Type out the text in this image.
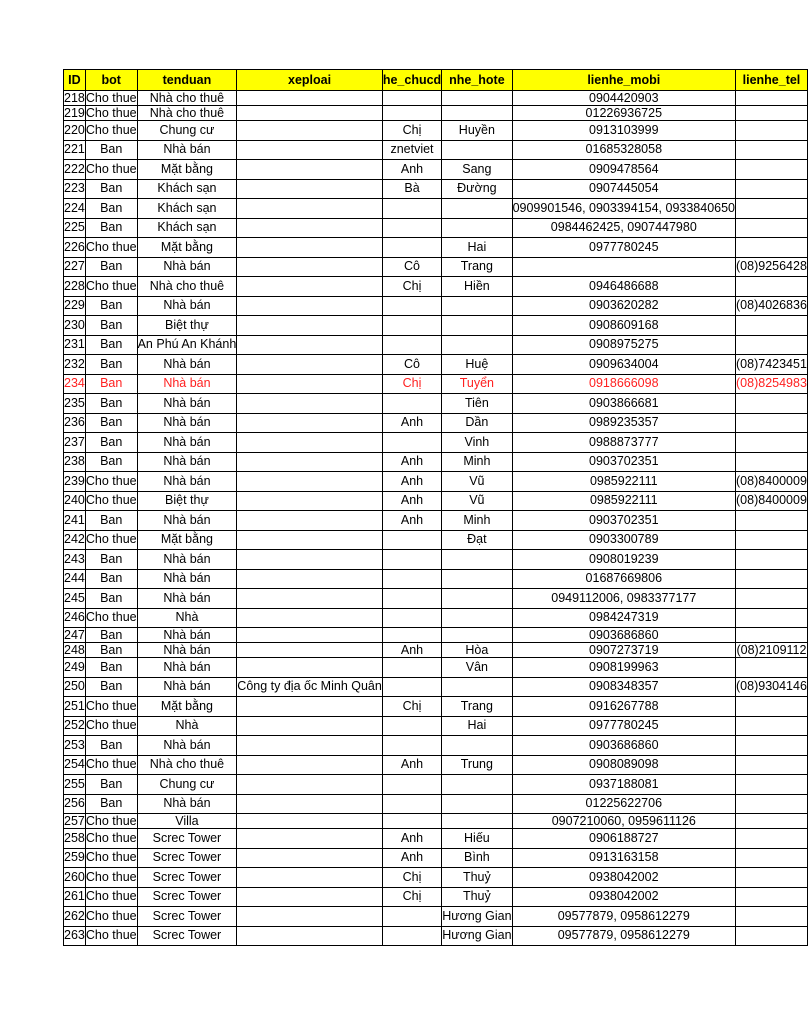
ID	bot	tenduan	xeploai	he_chucd	nhe_hote	lienhe_mobi	lienhe_tel
218	Cho thue	Nhà cho thuê				0904420903	
219	Cho thue	Nhà cho thuê				01226936725	
220	Cho thue	Chung cư		Chị	Huyền	0913103999	
221	Ban	Nhà bán		znetviet		01685328058	
222	Cho thue	Mặt bằng		Anh	Sang	0909478564	
223	Ban	Khách sạn		Bà	Đường	0907445054	
224	Ban	Khách sạn				0909901546, 0903394154, 0933840650	
225	Ban	Khách sạn				0984462425, 0907447980	
226	Cho thue	Mặt bằng			Hai	0977780245	
227	Ban	Nhà bán		Cô	Trang		(08)9256428
228	Cho thue	Nhà cho thuê		Chị	Hiền	0946486688	
229	Ban	Nhà bán				0903620282	(08)4026836
230	Ban	Biệt thự				0908609168	
231	Ban	An Phú An Khánh				0908975275	
232	Ban	Nhà bán		Cô	Huệ	0909634004	(08)7423451
234	Ban	Nhà bán		Chị	Tuyển	0918666098	(08)8254983
235	Ban	Nhà bán			Tiên	0903866681	
236	Ban	Nhà bán		Anh	Dần	0989235357	
237	Ban	Nhà bán			Vinh	0988873777	
238	Ban	Nhà bán		Anh	Minh	0903702351	
239	Cho thue	Nhà bán		Anh	Vũ	0985922111	(08)8400009
240	Cho thue	Biệt thự		Anh	Vũ	0985922111	(08)8400009
241	Ban	Nhà bán		Anh	Minh	0903702351	
242	Cho thue	Mặt bằng			Đạt	0903300789	
243	Ban	Nhà bán				0908019239	
244	Ban	Nhà bán				01687669806	
245	Ban	Nhà bán				0949112006, 0983377177	
246	Cho thue	Nhà				0984247319	
247	Ban	Nhà bán				0903686860	
248	Ban	Nhà bán		Anh	Hòa	0907273719	(08)2109112
249	Ban	Nhà bán			Vân	0908199963	
250	Ban	Nhà bán	Công ty địa ốc Minh Quân			0908348357	(08)9304146
251	Cho thue	Mặt bằng		Chị	Trang	0916267788	
252	Cho thue	Nhà			Hai	0977780245	
253	Ban	Nhà bán				0903686860	
254	Cho thue	Nhà cho thuê		Anh	Trung	0908089098	
255	Ban	Chung cư				0937188081	
256	Ban	Nhà bán				01225622706	
257	Cho thue	Villa				0907210060, 0959611126	
258	Cho thue	Screc Tower		Anh	Hiếu	0906188727	
259	Cho thue	Screc Tower		Anh	Bình	0913163158	
260	Cho thue	Screc Tower		Chị	Thuỷ	0938042002	
261	Cho thue	Screc Tower		Chị	Thuỷ	0938042002	
262	Cho thue	Screc Tower			Hương Gian	09577879, 0958612279	
263	Cho thue	Screc Tower			Hương Gian	09577879, 0958612279	
